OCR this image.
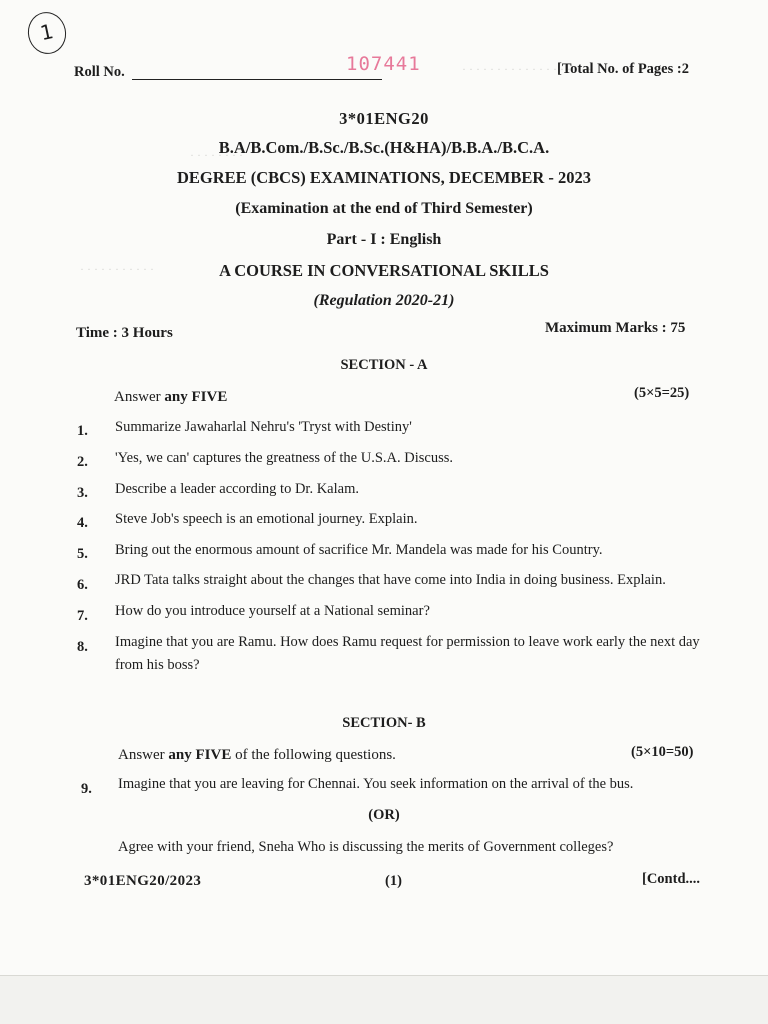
· · · · · · · · · · · · · · · · · · ·
· · · · · · · ·
· · · · · · · · · · ·
1
Roll No.	107441	[Total No. of Pages :2
3*01ENG20
B.A/B.Com./B.Sc./B.Sc.(H&HA)/B.B.A./B.C.A.
DEGREE (CBCS) EXAMINATIONS, DECEMBER - 2023
(Examination at the end of Third Semester)
Part - I : English
A COURSE IN CONVERSATIONAL SKILLS
(Regulation 2020-21)
Time : 3 Hours	Maximum Marks : 75
SECTION - A
Answer any FIVE	(5×5=25)
1. Summarize Jawaharlal Nehru's 'Tryst with Destiny'
2. 'Yes, we can' captures the greatness of the U.S.A. Discuss.
3. Describe a leader according to Dr. Kalam.
4. Steve Job's speech is an emotional journey. Explain.
5. Bring out the enormous amount of sacrifice Mr. Mandela was made for his Country.
6. JRD Tata talks straight about the changes that have come into India in doing business. Explain.
7. How do you introduce yourself at a National seminar?
8. Imagine that you are Ramu. How does Ramu request for permission to leave work early the next day from his boss?
SECTION- B
Answer any FIVE of the following questions.	(5×10=50)
9. Imagine that you are leaving for Chennai. You seek information on the arrival of the bus.
(OR)
Agree with your friend, Sneha Who is discussing the merits of Government colleges?
3*01ENG20/2023	(1)	[Contd....
